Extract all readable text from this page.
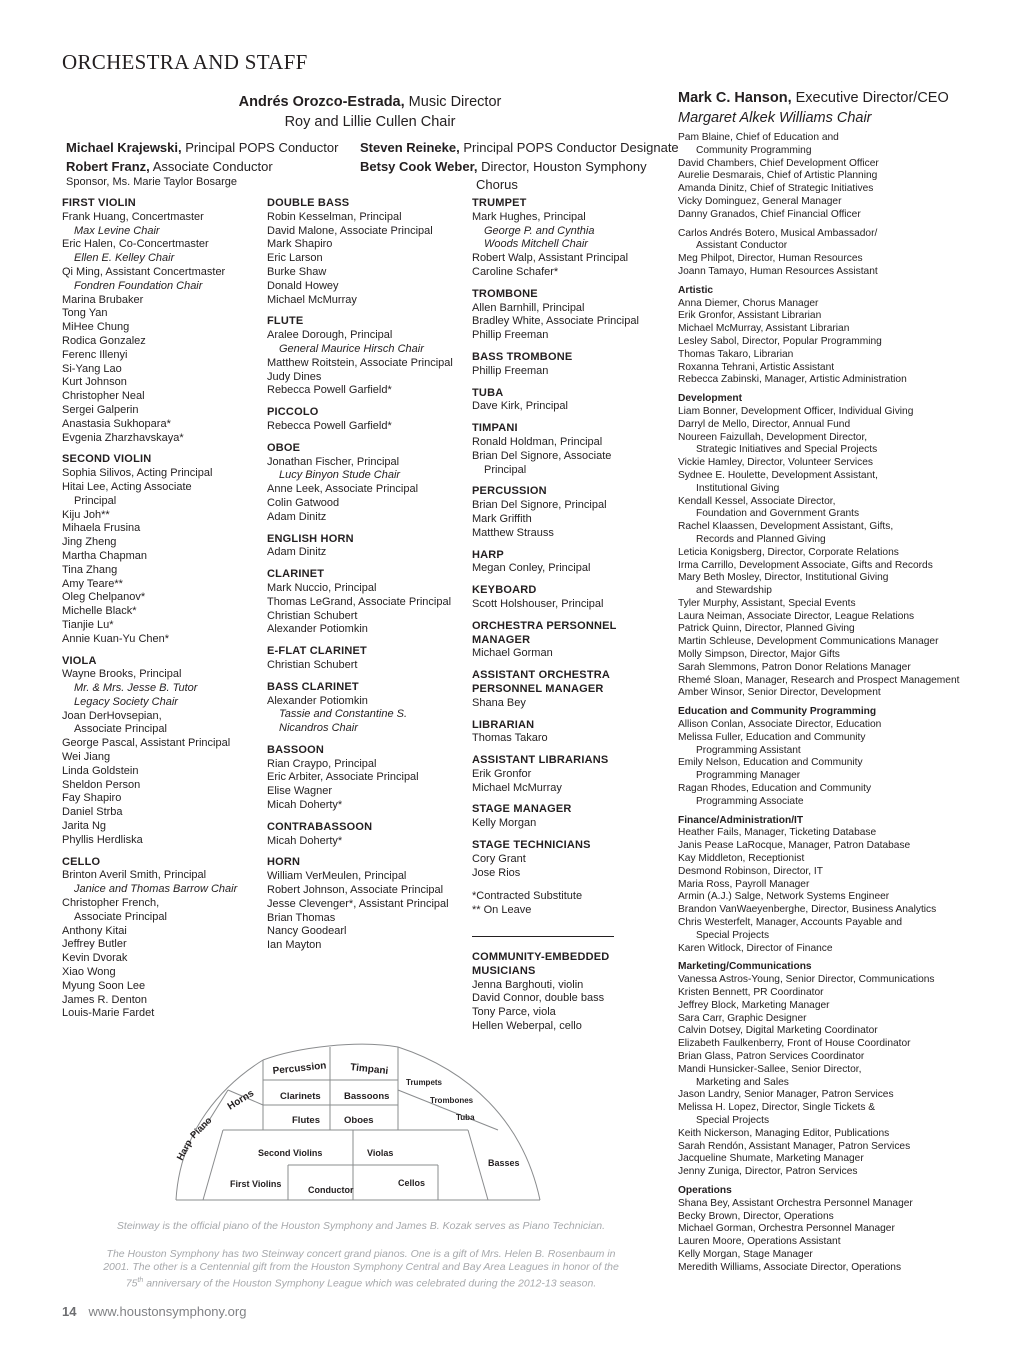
ORCHESTRA AND STAFF
Andrés Orozco-Estrada, Music Director
Roy and Lillie Cullen Chair
Michael Krajewski, Principal POPS Conductor
Robert Franz, Associate Conductor
Sponsor, Ms. Marie Taylor Bosarge
Steven Reineke, Principal POPS Conductor Designate
Betsy Cook Weber, Director, Houston Symphony
Chorus
Mark C. Hanson, Executive Director/CEO
Margaret Alkek Williams Chair
FIRST VIOLIN
Frank Huang, Concertmaster
Max Levine Chair
Eric Halen, Co-Concertmaster
Ellen E. Kelley Chair
Qi Ming, Assistant Concertmaster
Fondren Foundation Chair
Marina Brubaker
Tong Yan
MiHee Chung
Rodica Gonzalez
Ferenc Illenyi
Si-Yang Lao
Kurt Johnson
Christopher Neal
Sergei Galperin
Anastasia Sukhopara*
Evgenia Zharzhavskaya*
SECOND VIOLIN
Sophia Silivos, Acting Principal
Hitai Lee, Acting Associate
Principal
Kiju Joh**
Mihaela Frusina
Jing Zheng
Martha Chapman
Tina Zhang
Amy Teare**
Oleg Chelpanov*
Michelle Black*
Tianjie Lu*
Annie Kuan-Yu Chen*
VIOLA
Wayne Brooks, Principal
Mr. & Mrs. Jesse B. Tutor
Legacy Society Chair
Joan DerHovsepian,
Associate Principal
George Pascal, Assistant Principal
Wei Jiang
Linda Goldstein
Sheldon Person
Fay Shapiro
Daniel Strba
Jarita Ng
Phyllis Herdliska
CELLO
Brinton Averil Smith, Principal
Janice and Thomas Barrow Chair
Christopher French,
Associate Principal
Anthony Kitai
Jeffrey Butler
Kevin Dvorak
Xiao Wong
Myung Soon Lee
James R. Denton
Louis-Marie Fardet
DOUBLE BASS
Robin Kesselman, Principal
David Malone, Associate Principal
Mark Shapiro
Eric Larson
Burke Shaw
Donald Howey
Michael McMurray
FLUTE
Aralee Dorough, Principal
General Maurice Hirsch Chair
Matthew Roitstein, Associate Principal
Judy Dines
Rebecca Powell Garfield*
PICCOLO
Rebecca Powell Garfield*
OBOE
Jonathan Fischer, Principal
Lucy Binyon Stude Chair
Anne Leek, Associate Principal
Colin Gatwood
Adam Dinitz
ENGLISH HORN
Adam Dinitz
CLARINET
Mark Nuccio, Principal
Thomas LeGrand, Associate Principal
Christian Schubert
Alexander Potiomkin
E-FLAT CLARINET
Christian Schubert
BASS CLARINET
Alexander Potiomkin
Tassie and Constantine S.
Nicandros Chair
BASSOON
Rian Craypo, Principal
Eric Arbiter, Associate Principal
Elise Wagner
Micah Doherty*
CONTRABASSOON
Micah Doherty*
HORN
William VerMeulen, Principal
Robert Johnson, Associate Principal
Jesse Clevenger*, Assistant Principal
Brian Thomas
Nancy Goodearl
Ian Mayton
TRUMPET
Mark Hughes, Principal
George P. and Cynthia
Woods Mitchell Chair
Robert Walp, Assistant Principal
Caroline Schafer*
TROMBONE
Allen Barnhill, Principal
Bradley White, Associate Principal
Phillip Freeman
BASS TROMBONE
Phillip Freeman
TUBA
Dave Kirk, Principal
TIMPANI
Ronald Holdman, Principal
Brian Del Signore, Associate
Principal
PERCUSSION
Brian Del Signore, Principal
Mark Griffith
Matthew Strauss
HARP
Megan Conley, Principal
KEYBOARD
Scott Holshouser, Principal
ORCHESTRA PERSONNEL
MANAGER
Michael Gorman
ASSISTANT ORCHESTRA
PERSONNEL MANAGER
Shana Bey
LIBRARIAN
Thomas Takaro
ASSISTANT LIBRARIANS
Erik Gronfor
Michael McMurray
STAGE MANAGER
Kelly Morgan
STAGE TECHNICIANS
Cory Grant
Jose Rios
*Contracted Substitute
** On Leave
COMMUNITY-EMBEDDED
MUSICIANS
Jenna Barghouti, violin
David Connor, double bass
Tony Parce, viola
Hellen Weberpal, cello
Pam Blaine, Chief of Education and
Community Programming
David Chambers, Chief Development Officer
Aurelie Desmarais, Chief of Artistic Planning
Amanda Dinitz, Chief of Strategic Initiatives
Vicky Dominguez, General Manager
Danny Granados, Chief Financial Officer
Carlos Andrés Botero, Musical Ambassador/
Assistant Conductor
Meg Philpot, Director, Human Resources
Joann Tamayo, Human Resources Assistant
Artistic
Anna Diemer, Chorus Manager
Erik Gronfor, Assistant Librarian
Michael McMurray, Assistant Librarian
Lesley Sabol, Director, Popular Programming
Thomas Takaro, Librarian
Roxanna Tehrani, Artistic Assistant
Rebecca Zabinski, Manager, Artistic Administration
Development
Liam Bonner, Development Officer, Individual Giving
Darryl de Mello, Director, Annual Fund
Noureen Faizullah, Development Director,
Strategic Initiatives and Special Projects
Vickie Hamley, Director, Volunteer Services
Sydnee E. Houlette, Development Assistant,
Institutional Giving
Kendall Kessel, Associate Director,
Foundation and Government Grants
Rachel Klaassen, Development Assistant, Gifts,
Records and Planned Giving
Leticia Konigsberg, Director, Corporate Relations
Irma Carrillo, Development Associate, Gifts and Records
Mary Beth Mosley, Director, Institutional Giving
and Stewardship
Tyler Murphy, Assistant, Special Events
Laura Neiman, Associate Director, League Relations
Patrick Quinn, Director, Planned Giving
Martin Schleuse, Development Communications Manager
Molly Simpson, Director, Major Gifts
Sarah Slemmons, Patron Donor Relations Manager
Rhemé Sloan, Manager, Research and Prospect Management
Amber Winsor, Senior Director, Development
Education and Community Programming
Allison Conlan, Associate Director, Education
Melissa Fuller, Education and Community
Programming Assistant
Emily Nelson, Education and Community
Programming Manager
Ragan Rhodes, Education and Community
Programming Associate
Finance/Administration/IT
Heather Fails, Manager, Ticketing Database
Janis Pease LaRocque, Manager, Patron Database
Kay Middleton, Receptionist
Desmond Robinson, Director, IT
Maria Ross, Payroll Manager
Armin (A.J.) Salge, Network Systems Engineer
Brandon VanWaeyenberghe, Director, Business Analytics
Chris Westerfelt, Manager, Accounts Payable and
Special Projects
Karen Witlock, Director of Finance
Marketing/Communications
Vanessa Astros-Young, Senior Director, Communications
Kristen Bennett, PR Coordinator
Jeffrey Block, Marketing Manager
Sara Carr, Graphic Designer
Calvin Dotsey, Digital Marketing Coordinator
Elizabeth Faulkenberry, Front of House Coordinator
Brian Glass, Patron Services Coordinator
Mandi Hunsicker-Sallee, Senior Director,
Marketing and Sales
Jason Landry, Senior Manager, Patron Services
Melissa H. Lopez, Director, Single Tickets &
Special Projects
Keith Nickerson, Managing Editor, Publications
Sarah Rendón, Assistant Manager, Patron Services
Jacqueline Shumate, Marketing Manager
Jenny Zuniga, Director, Patron Services
Operations
Shana Bey, Assistant Orchestra Personnel Manager
Becky Brown, Director, Operations
Michael Gorman, Orchestra Personnel Manager
Lauren Moore, Operations Assistant
Kelly Morgan, Stage Manager
Meredith Williams, Associate Director, Operations
Percussion Timpani
Trumpets
Trombones
Tuba
Horns	Clarinets Bassoons
Flutes	Oboes
Piano
Harp	Second Violins	Violas
Basses
First Violins
Conductor
Cellos
Steinway is the official piano of the Houston Symphony and James B. Kozak serves as Piano Technician.
The Houston Symphony has two Steinway concert grand pianos. One is a gift of Mrs. Helen B. Rosenbaum in 2001. The other is a Centennial gift from the Houston Symphony Central and Bay Area Leagues in honor of the 75th anniversary of the Houston Symphony League which was celebrated during the 2012-13 season.
14 www.houstonsymphony.org
